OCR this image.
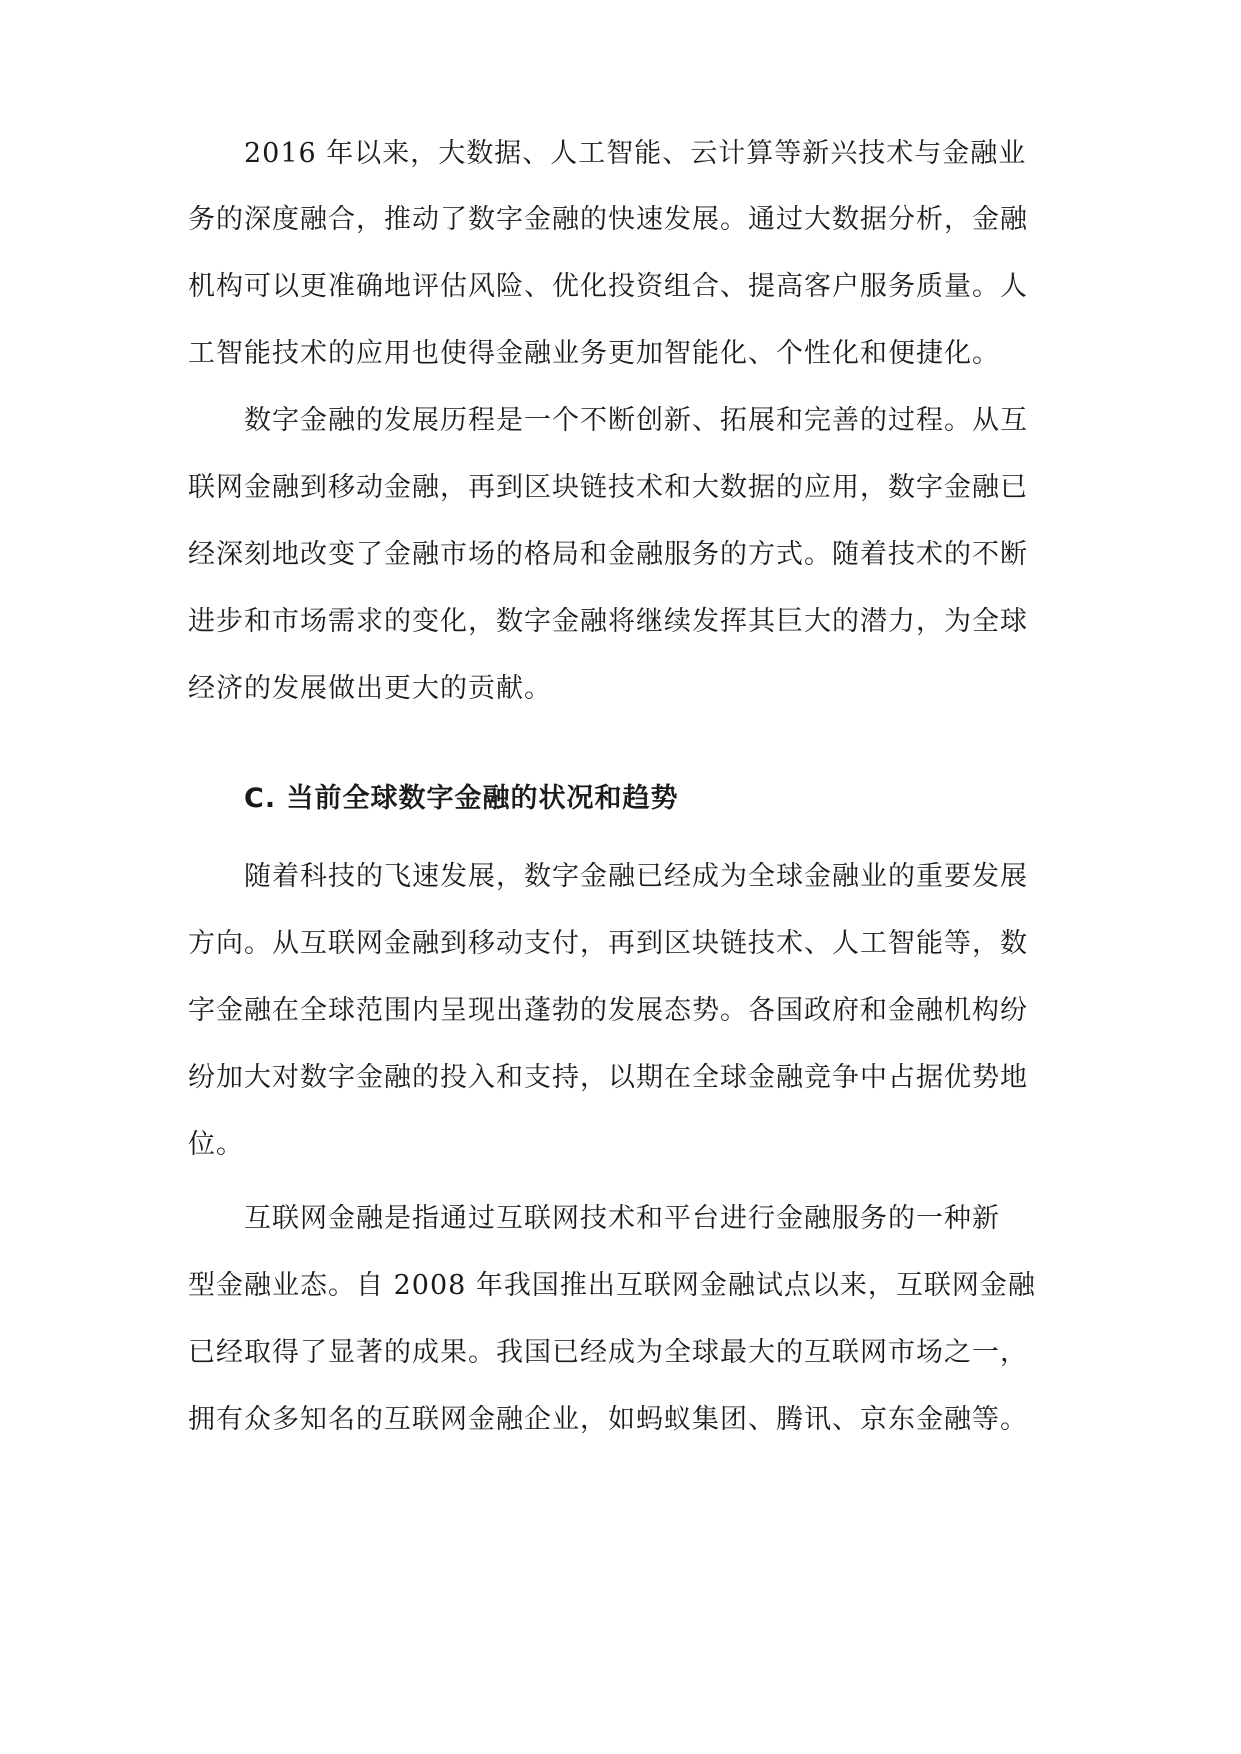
2016 年以来，大数据、人工智能、云计算等新兴技术与金融业
务的深度融合，推动了数字金融的快速发展。通过大数据分析，金融
机构可以更准确地评估风险、优化投资组合、提高客户服务质量。人
工智能技术的应用也使得金融业务更加智能化、个性化和便捷化。
数字金融的发展历程是一个不断创新、拓展和完善的过程。从互
联网金融到移动金融，再到区块链技术和大数据的应用，数字金融已
经深刻地改变了金融市场的格局和金融服务的方式。随着技术的不断
进步和市场需求的变化，数字金融将继续发挥其巨大的潜力，为全球
经济的发展做出更大的贡献。
C. 当前全球数字金融的状况和趋势
随着科技的飞速发展，数字金融已经成为全球金融业的重要发展
方向。从互联网金融到移动支付，再到区块链技术、人工智能等，数
字金融在全球范围内呈现出蓬勃的发展态势。各国政府和金融机构纷
纷加大对数字金融的投入和支持，以期在全球金融竞争中占据优势地
位。
互联网金融是指通过互联网技术和平台进行金融服务的一种新
型金融业态。自 2008 年我国推出互联网金融试点以来，互联网金融
已经取得了显著的成果。我国已经成为全球最大的互联网市场之一，
拥有众多知名的互联网金融企业，如蚂蚁集团、腾讯、京东金融等。
